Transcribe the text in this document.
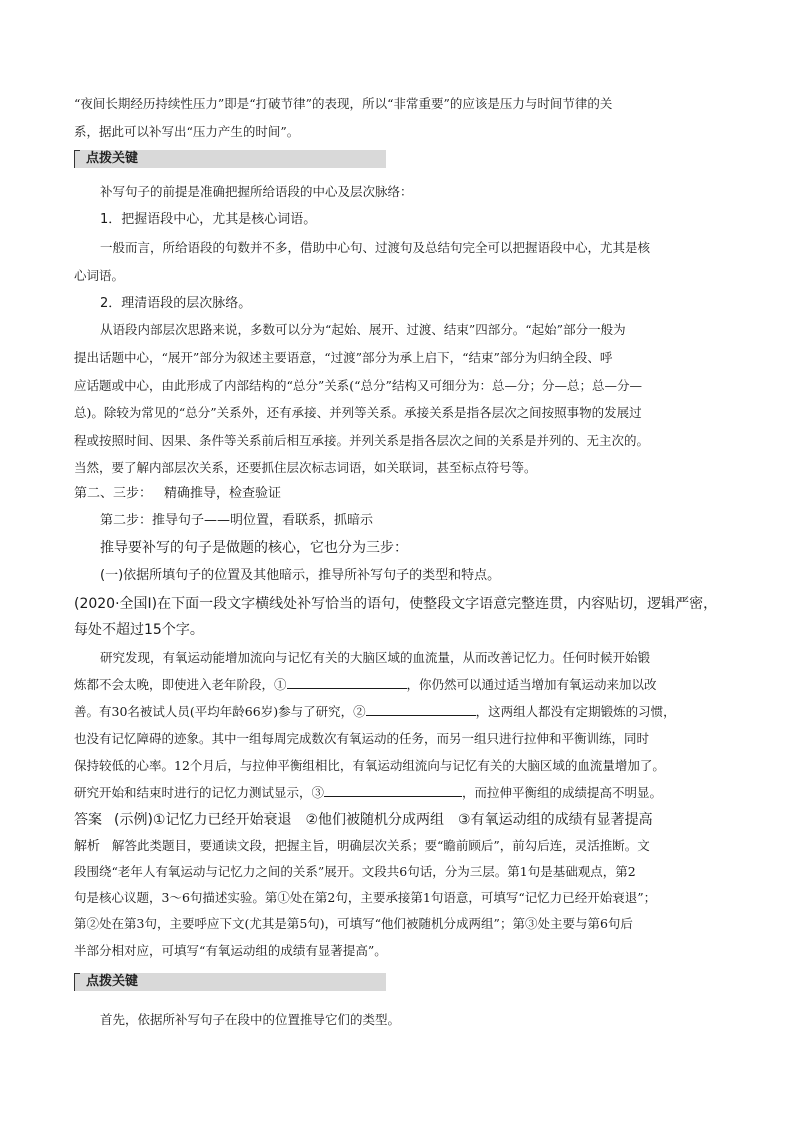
“夜间长期经历持续性压力”即是“打破节律”的表现，所以“非常重要”的应该是压力与时间节律的关
系，据此可以补写出“压力产生的时间”。
点拨关键
补写句子的前提是准确把握所给语段的中心及层次脉络：
1．把握语段中心，尤其是核心词语。
一般而言，所给语段的句数并不多，借助中心句、过渡句及总结句完全可以把握语段中心，尤其是核
心词语。
2．理清语段的层次脉络。
从语段内部层次思路来说，多数可以分为“起始、展开、过渡、结束”四部分。“起始”部分一般为
提出话题中心，“展开”部分为叙述主要语意，“过渡”部分为承上启下，“结束”部分为归纳全段、呼
应话题或中心，由此形成了内部结构的“总分”关系(“总分”结构又可细分为：总—分；分—总；总—分—
总)。除较为常见的“总分”关系外，还有承接、并列等关系。承接关系是指各层次之间按照事物的发展过
程或按照时间、因果、条件等关系前后相互承接。并列关系是指各层次之间的关系是并列的、无主次的。
当然，要了解内部层次关系，还要抓住层次标志词语，如关联词，甚至标点符号等。
第二、三步： 精确推导，检查验证
第二步：推导句子——明位置，看联系，抓暗示
推导要补写的句子是做题的核心，它也分为三步：
(一)依据所填句子的位置及其他暗示，推导所补写句子的类型和特点。
(2020·全国Ⅰ)在下面一段文字横线处补写恰当的语句，使整段文字语意完整连贯，内容贴切，逻辑严密，
每处不超过15个字。
研究发现，有氧运动能增加流向与记忆有关的大脑区域的血流量，从而改善记忆力。任何时候开始锻
炼都不会太晚，即使进入老年阶段，①	，你仍然可以通过适当增加有氧运动来加以改
善。有30名被试人员(平均年龄66岁)参与了研究，②	，这两组人都没有定期锻炼的习惯，
也没有记忆障碍的迹象。其中一组每周完成数次有氧运动的任务，而另一组只进行拉伸和平衡训练，同时
保持较低的心率。12个月后，与拉伸平衡组相比，有氧运动组流向与记忆有关的大脑区域的血流量增加了。
研究开始和结束时进行的记忆力测试显示，③	，而拉伸平衡组的成绩提高不明显。
答案 (示例)①记忆力已经开始衰退　②他们被随机分成两组　③有氧运动组的成绩有显著提高
解析 解答此类题目，要通读文段，把握主旨，明确层次关系；要“瞻前顾后”，前勾后连，灵活推断。文
段围绕“老年人有氧运动与记忆力之间的关系”展开。文段共6句话，分为三层。第1句是基础观点，第2
句是核心议题，3～6句描述实验。第①处在第2句，主要承接第1句语意，可填写“记忆力已经开始衰退”；
第②处在第3句，主要呼应下文(尤其是第5句)，可填写“他们被随机分成两组”；第③处主要与第6句后
半部分相对应，可填写“有氧运动组的成绩有显著提高”。
点拨关键
首先，依据所补写句子在段中的位置推导它们的类型。
